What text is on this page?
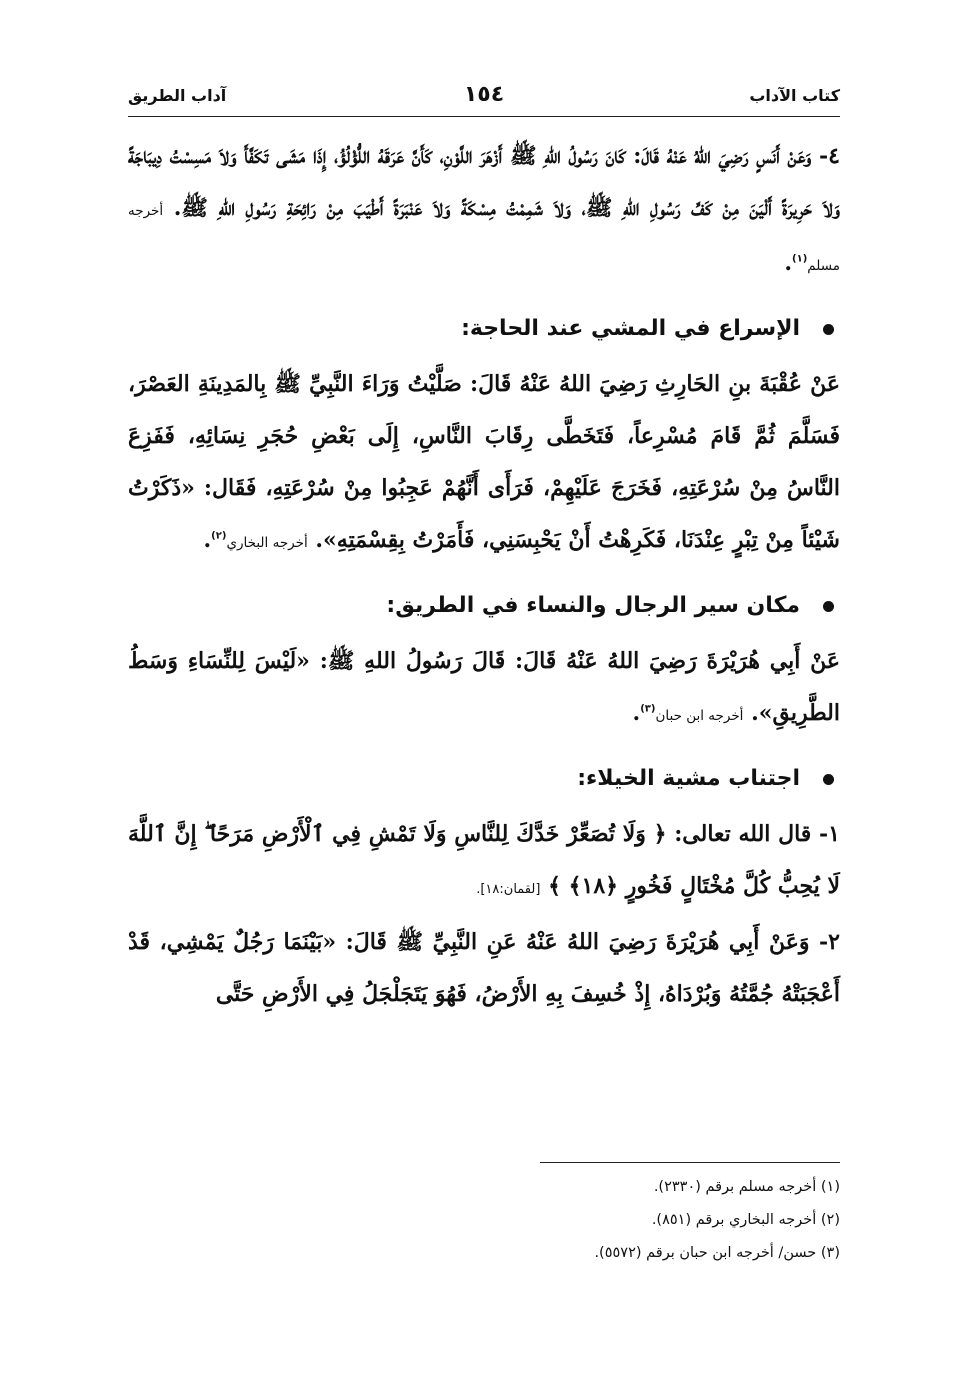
كتاب الآداب
١٥٤
آداب الطريق

٤- وَعَنْ أَنَسٍ رَضِيَ اللهُ عَنْهُ قَالَ: كَانَ رَسُولُ اللهِ ﷺ أَزْهَرَ اللَّوْنِ، كَأَنَّ عَرَقَهُ اللُّؤْلُؤُ، إِذَا مَشَى تَكَفَّأَ وَلاَ مَسِسْتُ دِيبَاجَةً وَلاَ حَرِيرَةً أَلْيَنَ مِنْ كَفِّ رَسُولِ اللهِ ﷺ، وَلاَ شَمِمْتُ مِسْكَةً وَلاَ عَنْبَرَةً أَطْيَبَ مِنْ رَائِحَةِ رَسُولِ اللهِ ﷺ. أخرجه مسلم$^{(١)}$.

الإسراع في المشي عند الحاجة:

عَنْ عُقْبَةَ بنِ الحَارِثِ رَضِيَ اللهُ عَنْهُ قَالَ: صَلَّيْتُ وَرَاءَ النَّبِيِّ ﷺ بِالمَدِينَةِ العَصْرَ، فَسَلَّمَ ثُمَّ قَامَ مُسْرِعاً، فَتَخَطَّى رِقَابَ النَّاسِ، إِلَى بَعْضِ حُجَرِ نِسَائِهِ، فَفَزِعَ النَّاسُ مِنْ سُرْعَتِهِ، فَخَرَجَ عَلَيْهِمْ، فَرَأَى أَنَّهُمْ عَجِبُوا مِنْ سُرْعَتِهِ، فَقَال: «ذَكَرْتُ شَيْئاً مِنْ تِبْرٍ عِنْدَنَا، فَكَرِهْتُ أَنْ يَحْبِسَنِي، فَأَمَرْتُ بِقِسْمَتِهِ». أخرجه البخاري$^{(٢)}$.

مكان سير الرجال والنساء في الطريق:

عَنْ أَبِي هُرَيْرَةَ رَضِيَ اللهُ عَنْهُ قَالَ: قَالَ رَسُولُ اللهِ ﷺ: «لَيْسَ لِلنِّسَاءِ وَسَطُ الطَّرِيقِ». أخرجه ابن حبان$^{(٣)}$.

اجتناب مشية الخيلاء:

١- قال الله تعالى: ﴿ وَلَا تُصَعِّرْ خَدَّكَ لِلنَّاسِ وَلَا تَمْشِ فِي ٱلْأَرْضِ مَرَحًا ۖ إِنَّ ٱللَّهَ لَا يُحِبُّ كُلَّ مُخْتَالٍ فَخُورٍ ﴿١٨﴾ ﴾ [لقمان:١٨].

٢- وَعَنْ أَبِي هُرَيْرَةَ رَضِيَ اللهُ عَنْهُ عَنِ النَّبِيِّ ﷺ قَالَ: «بَيْنَمَا رَجُلٌ يَمْشِي، قَدْ أَعْجَبَتْهُ جُمَّتُهُ وَبُرْدَاهُ، إِذْ خُسِفَ بِهِ الأَرْضُ، فَهُوَ يَتَجَلْجَلُ فِي الأَرْضِ حَتَّى

(١) أخرجه مسلم برقم (٢٣٣٠).

(٢) أخرجه البخاري برقم (٨٥١).

(٣) حسن/ أخرجه ابن حبان برقم (٥٥٧٢).
